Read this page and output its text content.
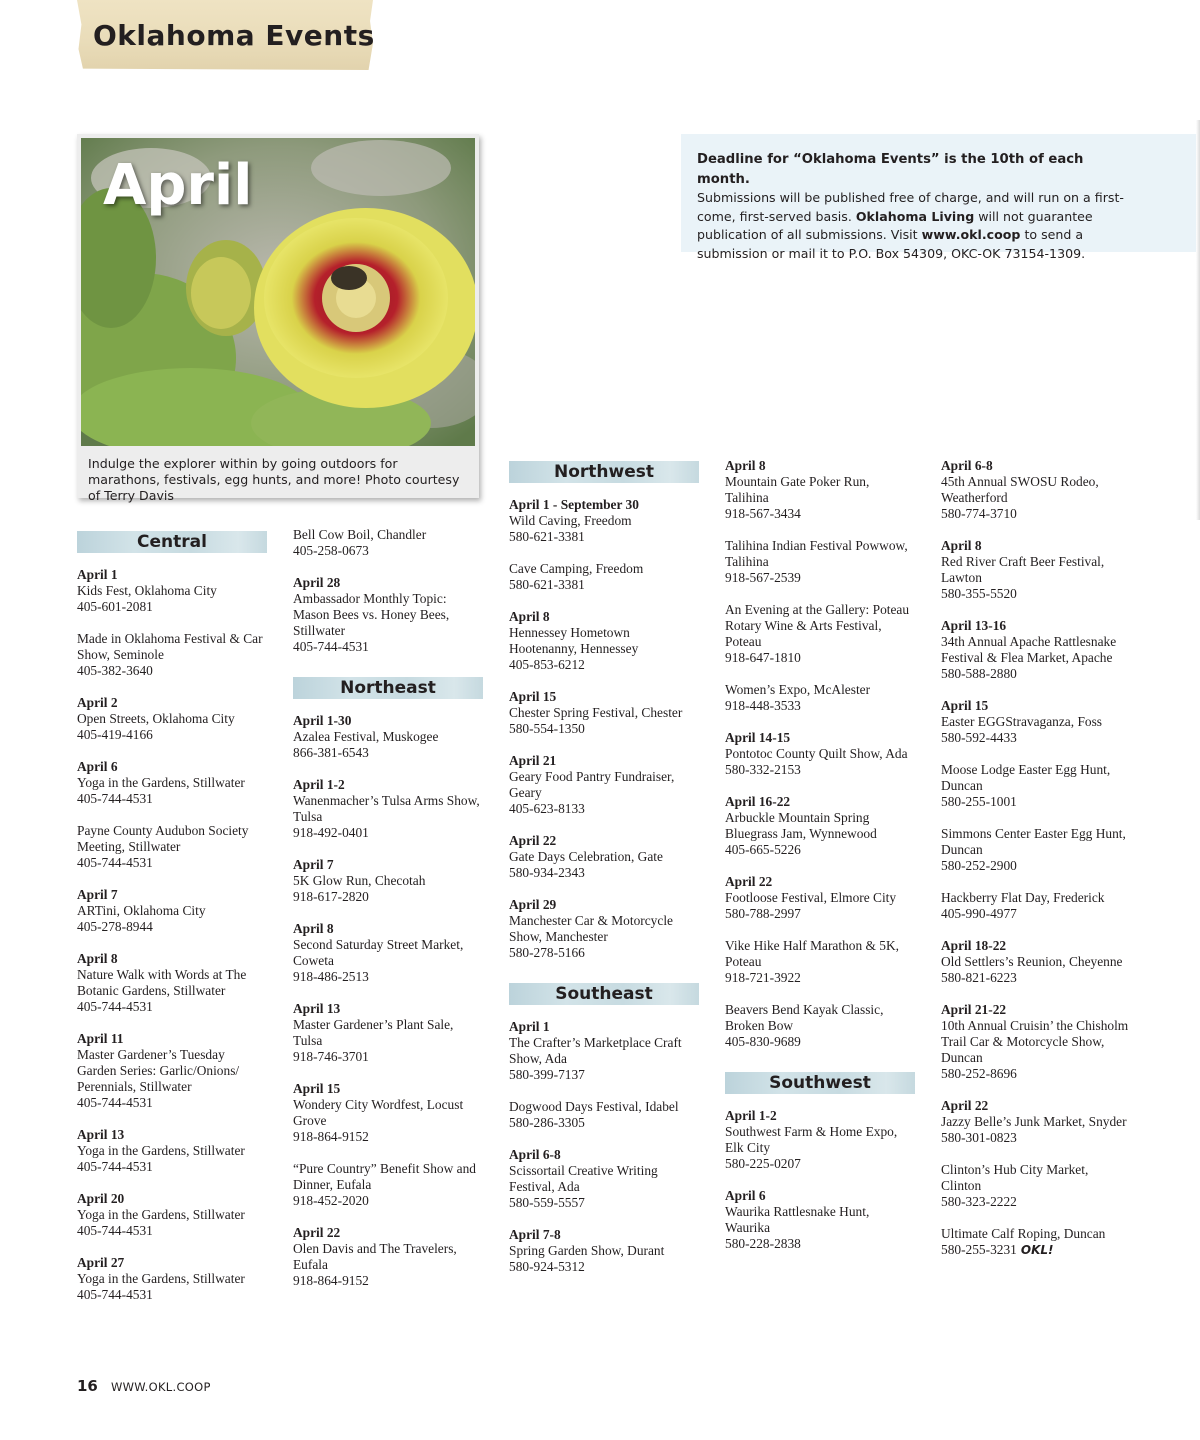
Oklahoma Events
April
Indulge the explorer within by going outdoors for marathons, festivals, egg hunts, and more! Photo courtesy of Terry Davis
Deadline for “Oklahoma Events” is the 10th of each month.
Submissions will be published free of charge, and will run on a first-come, first-served basis. Oklahoma Living will not guarantee publication of all submissions. Visit www.okl.coop to send a submission or mail it to P.O. Box 54309, OKC-OK 73154-1309.
Central
April 1
Kids Fest, Oklahoma City
405-601-2081
Made in Oklahoma Festival & Car Show, Seminole
405-382-3640
April 2
Open Streets, Oklahoma City
405-419-4166
April 6
Yoga in the Gardens, Stillwater
405-744-4531
Payne County Audubon Society Meeting, Stillwater
405-744-4531
April 7
ARTini, Oklahoma City
405-278-8944
April 8
Nature Walk with Words at The Botanic Gardens, Stillwater
405-744-4531
April 11
Master Gardener’s Tuesday Garden Series: Garlic/Onions/ Perennials, Stillwater
405-744-4531
April 13
Yoga in the Gardens, Stillwater
405-744-4531
April 20
Yoga in the Gardens, Stillwater
405-744-4531
April 27
Yoga in the Gardens, Stillwater
405-744-4531
Bell Cow Boil, Chandler
405-258-0673
April 28
Ambassador Monthly Topic: Mason Bees vs. Honey Bees, Stillwater
405-744-4531
Northeast
April 1-30
Azalea Festival, Muskogee
866-381-6543
April 1-2
Wanenmacher’s Tulsa Arms Show, Tulsa
918-492-0401
April 7
5K Glow Run, Checotah
918-617-2820
April 8
Second Saturday Street Market, Coweta
918-486-2513
April 13
Master Gardener’s Plant Sale, Tulsa
918-746-3701
April 15
Wondery City Wordfest, Locust Grove
918-864-9152
“Pure Country” Benefit Show and Dinner, Eufala
918-452-2020
April 22
Olen Davis and The Travelers, Eufala
918-864-9152
Northwest
April 1 - September 30
Wild Caving, Freedom
580-621-3381
Cave Camping, Freedom
580-621-3381
April 8
Hennessey Hometown Hootenanny, Hennessey
405-853-6212
April 15
Chester Spring Festival, Chester
580-554-1350
April 21
Geary Food Pantry Fundraiser, Geary
405-623-8133
April 22
Gate Days Celebration, Gate
580-934-2343
April 29
Manchester Car & Motorcycle Show, Manchester
580-278-5166
Southeast
April 1
The Crafter’s Marketplace Craft Show, Ada
580-399-7137
Dogwood Days Festival, Idabel
580-286-3305
April 6-8
Scissortail Creative Writing Festival, Ada
580-559-5557
April 7-8
Spring Garden Show, Durant
580-924-5312
April 8
Mountain Gate Poker Run, Talihina
918-567-3434
Talihina Indian Festival Powwow, Talihina
918-567-2539
An Evening at the Gallery: Poteau Rotary Wine & Arts Festival, Poteau
918-647-1810
Women’s Expo, McAlester
918-448-3533
April 14-15
Pontotoc County Quilt Show, Ada
580-332-2153
April 16-22
Arbuckle Mountain Spring Bluegrass Jam, Wynnewood
405-665-5226
April 22
Footloose Festival, Elmore City
580-788-2997
Vike Hike Half Marathon & 5K, Poteau
918-721-3922
Beavers Bend Kayak Classic, Broken Bow
405-830-9689
Southwest
April 1-2
Southwest Farm & Home Expo, Elk City
580-225-0207
April 6
Waurika Rattlesnake Hunt, Waurika
580-228-2838
April 6-8
45th Annual SWOSU Rodeo, Weatherford
580-774-3710
April 8
Red River Craft Beer Festival, Lawton
580-355-5520
April 13-16
34th Annual Apache Rattlesnake Festival & Flea Market, Apache
580-588-2880
April 15
Easter EGGStravaganza, Foss
580-592-4433
Moose Lodge Easter Egg Hunt, Duncan
580-255-1001
Simmons Center Easter Egg Hunt, Duncan
580-252-2900
Hackberry Flat Day, Frederick
405-990-4977
April 18-22
Old Settlers’s Reunion, Cheyenne
580-821-6223
April 21-22
10th Annual Cruisin’ the Chisholm Trail Car & Motorcycle Show, Duncan
580-252-8696
April 22
Jazzy Belle’s Junk Market, Snyder
580-301-0823
Clinton’s Hub City Market, Clinton
580-323-2222
Ultimate Calf Roping, Duncan
580-255-3231 OKL!
16 WWW.OKL.COOP
